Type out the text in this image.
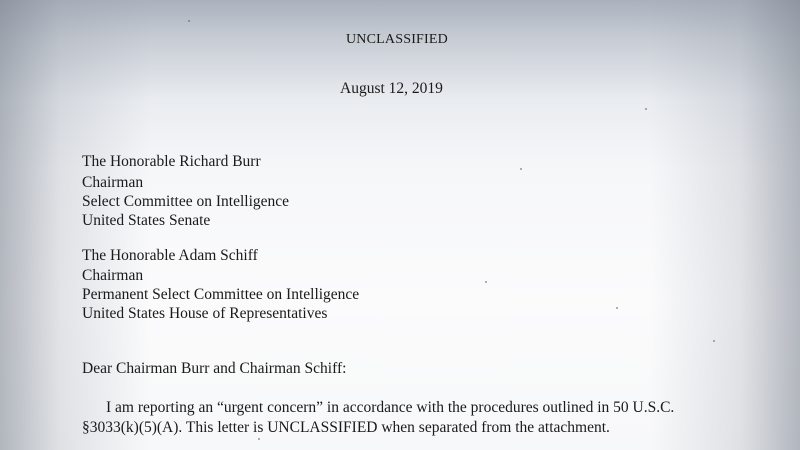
UNCLASSIFIED
August 12, 2019
The Honorable Richard Burr
Chairman
Select Committee on Intelligence
United States Senate
The Honorable Adam Schiff
Chairman
Permanent Select Committee on Intelligence
United States House of Representatives
Dear Chairman Burr and Chairman Schiff:
I am reporting an “urgent concern” in accordance with the procedures outlined in 50 U.S.C.
§3033(k)(5)(A). This letter is UNCLASSIFIED when separated from the attachment.
